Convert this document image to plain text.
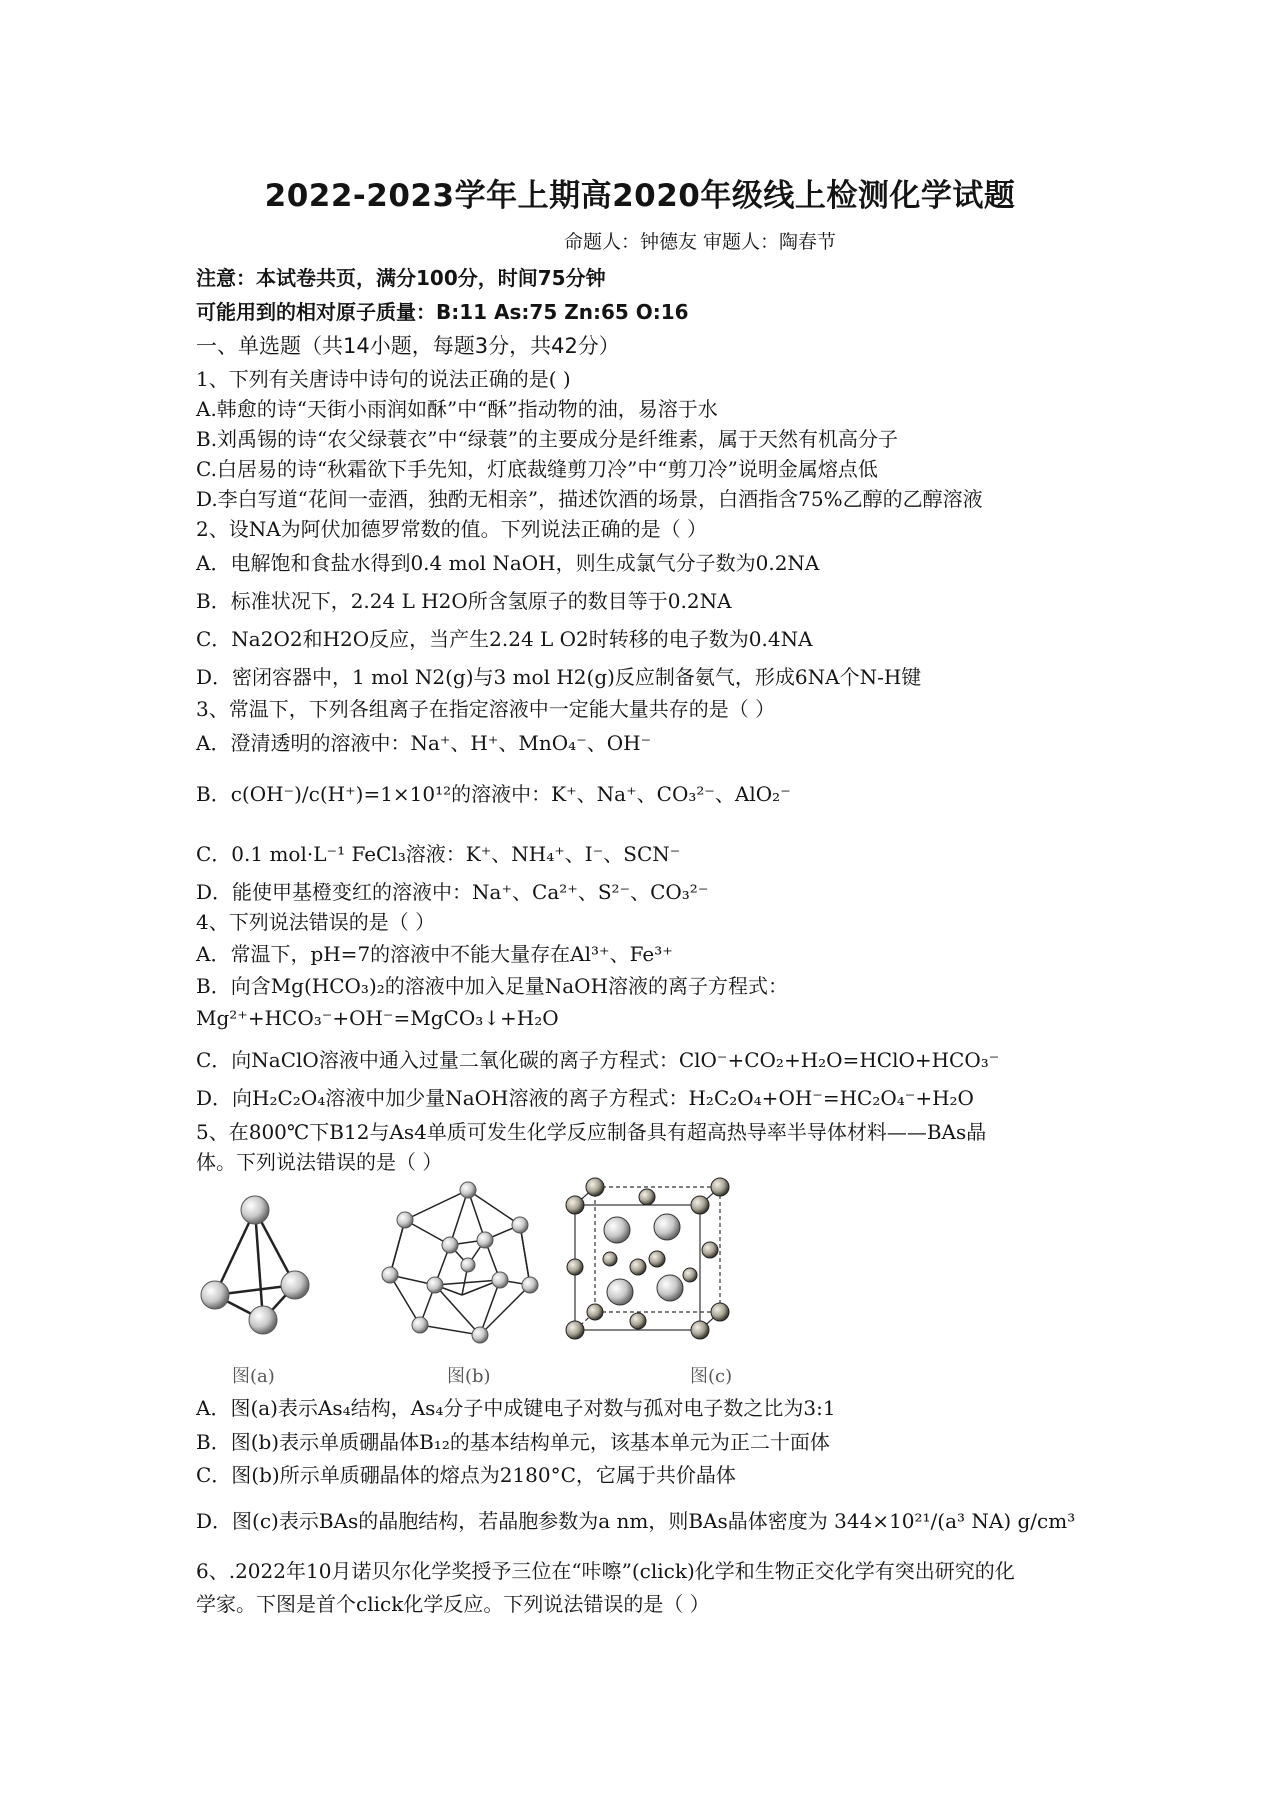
2022-2023学年上期高2020年级线上检测化学试题
命题人：钟德友 审题人：陶春节
注意：本试卷共页，满分100分，时间75分钟
可能用到的相对原子质量：B:11 As:75 Zn:65 O:16
一、单选题（共14小题，每题3分，共42分）
1、下列有关唐诗中诗句的说法正确的是( )
A.韩愈的诗“天街小雨润如酥”中“酥”指动物的油，易溶于水
B.刘禹锡的诗“农父绿蓑衣”中“绿蓑”的主要成分是纤维素，属于天然有机高分子
C.白居易的诗“秋霜欲下手先知，灯底裁缝剪刀冷”中“剪刀冷”说明金属熔点低
D.李白写道“花间一壶酒，独酌无相亲”，描述饮酒的场景，白酒指含75%乙醇的乙醇溶液
2、设NA为阿伏加德罗常数的值。下列说法正确的是（ ）
A．电解饱和食盐水得到0.4 mol NaOH，则生成氯气分子数为0.2NA
B．标准状况下，2.24 L H2O所含氢原子的数目等于0.2NA
C．Na2O2和H2O反应，当产生2.24 L O2时转移的电子数为0.4NA
D．密闭容器中，1 mol N2(g)与3 mol H2(g)反应制备氨气，形成6NA个N-H键
3、常温下，下列各组离子在指定溶液中一定能大量共存的是（ ）
A．澄清透明的溶液中：Na⁺、H⁺、MnO₄⁻、OH⁻
B．c(OH⁻)/c(H⁺)=1×10¹²的溶液中：K⁺、Na⁺、CO₃²⁻、AlO₂⁻
C．0.1 mol·L⁻¹ FeCl₃溶液：K⁺、NH₄⁺、I⁻、SCN⁻
D．能使甲基橙变红的溶液中：Na⁺、Ca²⁺、S²⁻、CO₃²⁻
4、下列说法错误的是（ ）
A．常温下，pH=7的溶液中不能大量存在Al³⁺、Fe³⁺
B．向含Mg(HCO₃)₂的溶液中加入足量NaOH溶液的离子方程式：
Mg²⁺+HCO₃⁻+OH⁻=MgCO₃↓+H₂O
C．向NaClO溶液中通入过量二氧化碳的离子方程式：ClO⁻+CO₂+H₂O=HClO+HCO₃⁻
D．向H₂C₂O₄溶液中加少量NaOH溶液的离子方程式：H₂C₂O₄+OH⁻=HC₂O₄⁻+H₂O
5、在800℃下B12与As4单质可发生化学反应制备具有超高热导率半导体材料——BAs晶
体。下列说法错误的是（ ）
图(a)	图(b)	图(c)
A．图(a)表示As₄结构，As₄分子中成键电子对数与孤对电子数之比为3:1
B．图(b)表示单质硼晶体B₁₂的基本结构单元，该基本单元为正二十面体
C．图(b)所示单质硼晶体的熔点为2180°C，它属于共价晶体
D．图(c)表示BAs的晶胞结构，若晶胞参数为a nm，则BAs晶体密度为 344×10²¹/(a³ NA) g/cm³
6、.2022年10月诺贝尔化学奖授予三位在“咔嚓”(click)化学和生物正交化学有突出研究的化
学家。下图是首个click化学反应。下列说法错误的是（ ）
